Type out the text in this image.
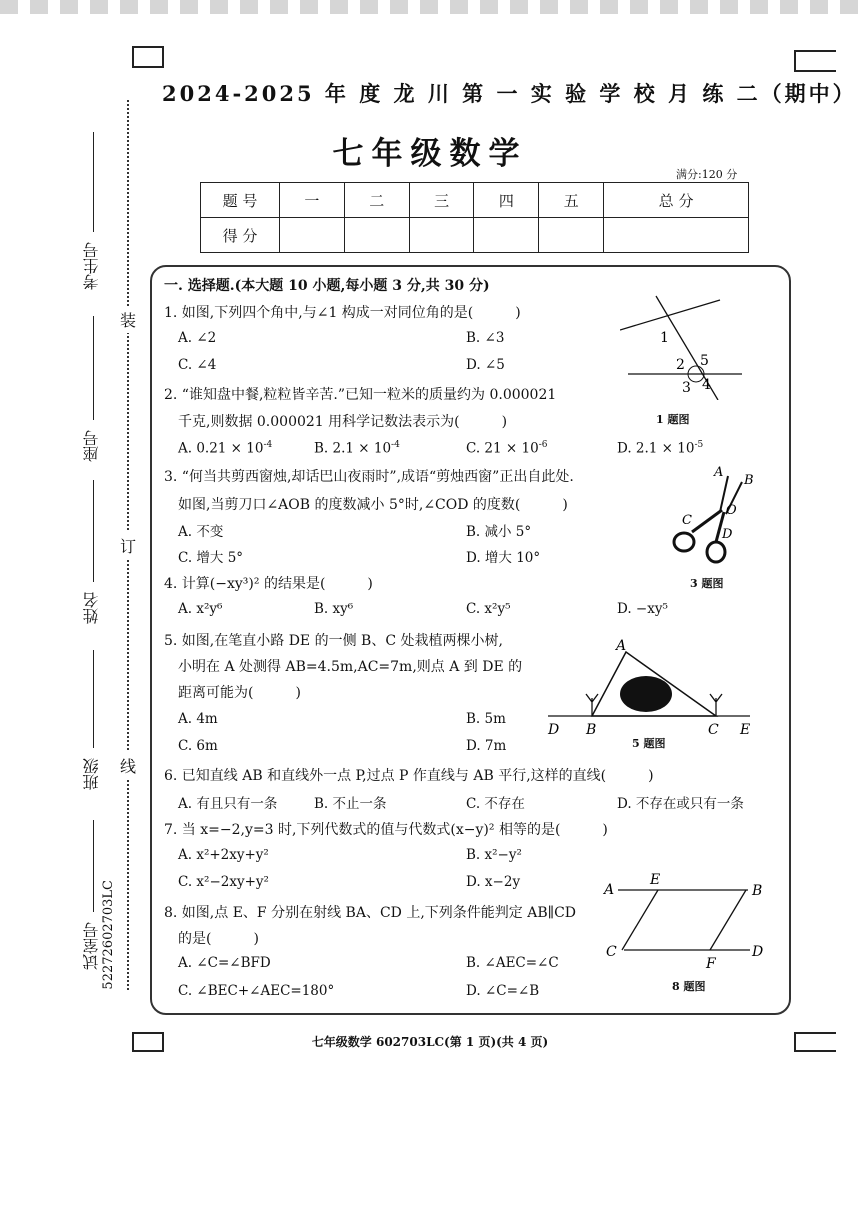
2024-2025 年 度 龙 川 第 一 实 验 学 校 月 练 二（期中）
七年级数学
满分:120 分
题 号	一	二	三	四	五	总 分
得 分						
装
订
线
考生号
座号
姓名
班级
试室号 52272602703LC
一. 选择题.(本大题 10 小题,每小题 3 分,共 30 分)
1. 如图,下列四个角中,与∠1 构成一对同位角的是(　　　)
A. ∠2	B. ∠3
C. ∠4	D. ∠5
1
2 5
3 4
1 题图
2. “谁知盘中餐,粒粒皆辛苦.”已知一粒米的质量约为 0.000021
千克,则数据 0.000021 用科学记数法表示为(　　　)
A. $0.21 \times 10^{-4}$	B. $2.1 \times 10^{-4}$	C. $21 \times 10^{-6}$	D. $2.1 \times 10^{-5}$
3. “何当共剪西窗烛,却话巴山夜雨时”,成语“剪烛西窗”正出自此处.
如图,当剪刀口∠AOB 的度数减小 5°时,∠COD 的度数(　　　)
A. 不变	B. 减小 5°
C. 增大 5°	D. 增大 10°
A
B
C
O
D
3 题图
4. 计算(−xy³)² 的结果是(　　　)
A. x²y⁶	B. xy⁶	C. x²y⁵	D. −xy⁵
5. 如图,在笔直小路 DE 的一侧 B、C 处栽植两棵小树,
小明在 A 处测得 AB=4.5m,AC=7m,则点 A 到 DE 的
距离可能为(　　　)
A. 4m	B. 5m
C. 6m	D. 7m
A
D B	C E
5 题图
6. 已知直线 AB 和直线外一点 P,过点 P 作直线与 AB 平行,这样的直线(　　　)
A. 有且只有一条	B. 不止一条	C. 不存在	D. 不存在或只有一条
7. 当 x=−2,y=3 时,下列代数式的值与代数式(x−y)² 相等的是(　　　)
A. x²+2xy+y²	B. x²−y²
C. x²−2xy+y²	D. x−2y
8. 如图,点 E、F 分别在射线 BA、CD 上,下列条件能判定 AB∥CD
的是(　　　)
A. ∠C=∠BFD	B. ∠AEC=∠C
C. ∠BEC+∠AEC=180°	D. ∠C=∠B
A
E
B
C
F
D
8 题图
七年级数学 602703LC(第 1 页)(共 4 页)
